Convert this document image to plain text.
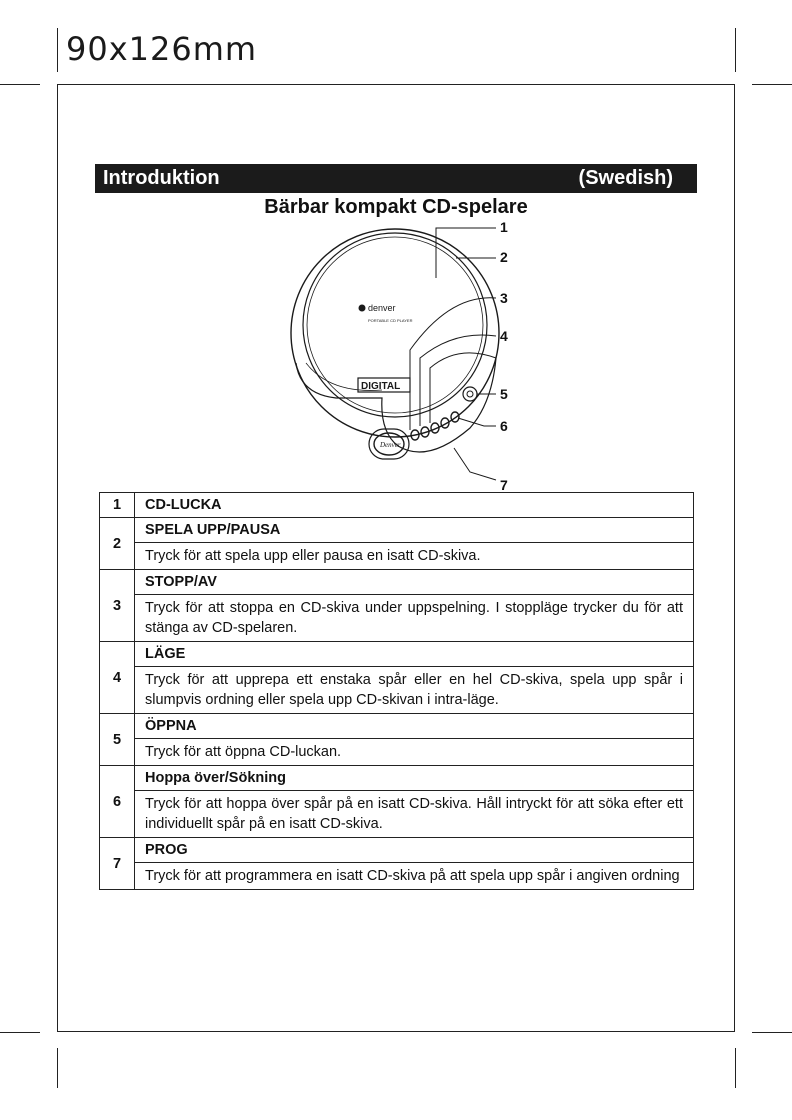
90x126mm
Introduktion	(Swedish)
Bärbar kompakt CD-spelare
denver
PORTABLE CD PLAYER
DIGITAL
Denver
1
2
3
4
5
6
7
1	CD-LUCKA
2	SPELA UPP/PAUSA
	Tryck för att spela upp eller pausa en isatt CD-skiva.
3	STOPP/AV
	Tryck för att stoppa en CD-skiva under uppspelning. I stoppläge trycker du för att stänga av CD-spelaren.
4	LÄGE
	Tryck för att upprepa ett enstaka spår eller en hel CD-skiva, spela upp spår i slumpvis ordning eller spela upp CD-skivan i intra-läge.
5	ÖPPNA
	Tryck för att öppna CD-luckan.
6	Hoppa över/Sökning
	Tryck för att hoppa över spår på en isatt CD-skiva. Håll intryckt för att söka efter ett individuellt spår på en isatt CD-skiva.
7	PROG
	Tryck för att programmera en isatt CD-skiva på att spela upp spår i angiven ordning
